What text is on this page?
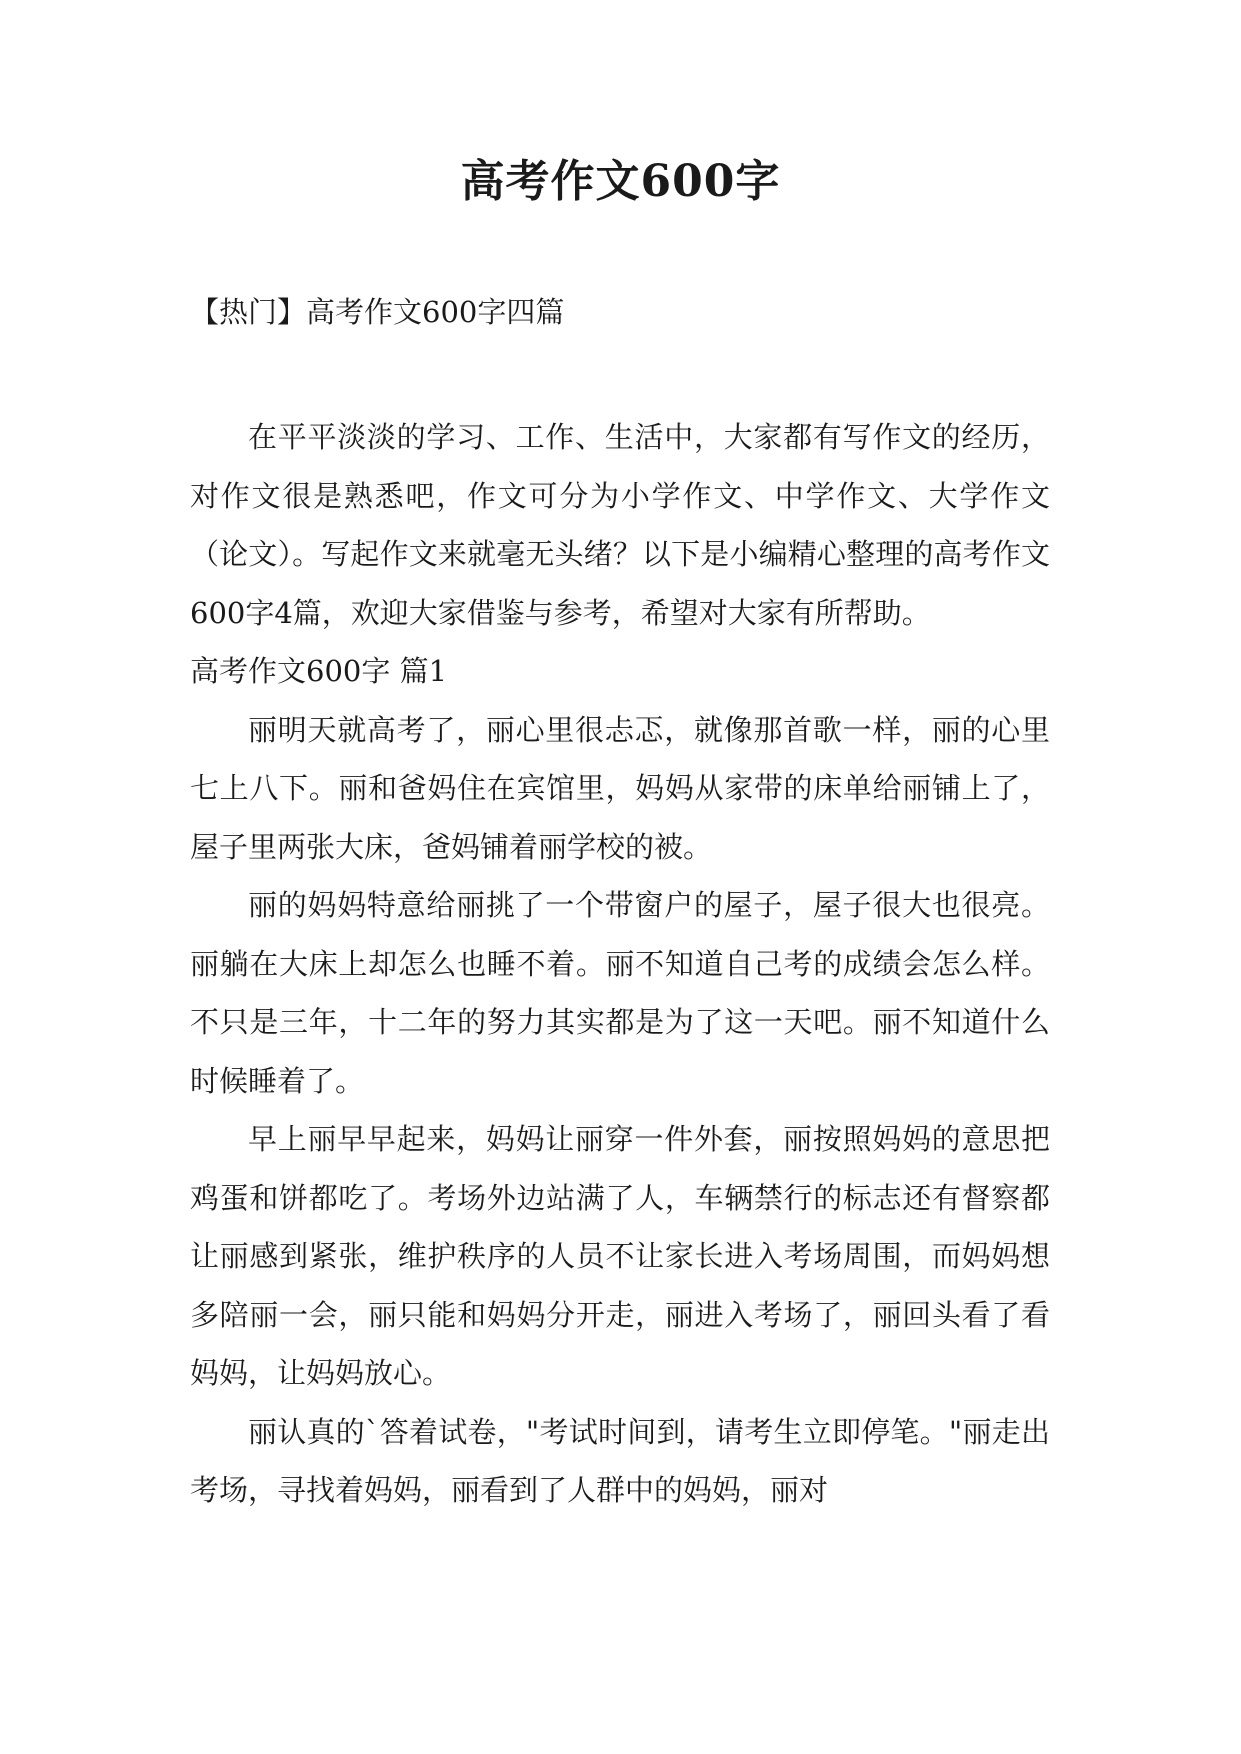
高考作文600字

【热门】高考作文600字四篇

在平平淡淡的学习、工作、生活中，大家都有写作文的经历，对作文很是熟悉吧，作文可分为小学作文、中学作文、大学作文（论文）。写起作文来就毫无头绪？以下是小编精心整理的高考作文600字4篇，欢迎大家借鉴与参考，希望对大家有所帮助。

高考作文600字 篇1

丽明天就高考了，丽心里很忐忑，就像那首歌一样，丽的心里七上八下。丽和爸妈住在宾馆里，妈妈从家带的床单给丽铺上了，屋子里两张大床，爸妈铺着丽学校的被。

丽的妈妈特意给丽挑了一个带窗户的屋子，屋子很大也很亮。丽躺在大床上却怎么也睡不着。丽不知道自己考的成绩会怎么样。不只是三年，十二年的努力其实都是为了这一天吧。丽不知道什么时候睡着了。

早上丽早早起来，妈妈让丽穿一件外套，丽按照妈妈的意思把鸡蛋和饼都吃了。考场外边站满了人，车辆禁行的标志还有督察都让丽感到紧张，维护秩序的人员不让家长进入考场周围，而妈妈想多陪丽一会，丽只能和妈妈分开走，丽进入考场了，丽回头看了看妈妈，让妈妈放心。

丽认真的`答着试卷，"考试时间到，请考生立即停笔。"丽走出考场，寻找着妈妈，丽看到了人群中的妈妈，丽对
